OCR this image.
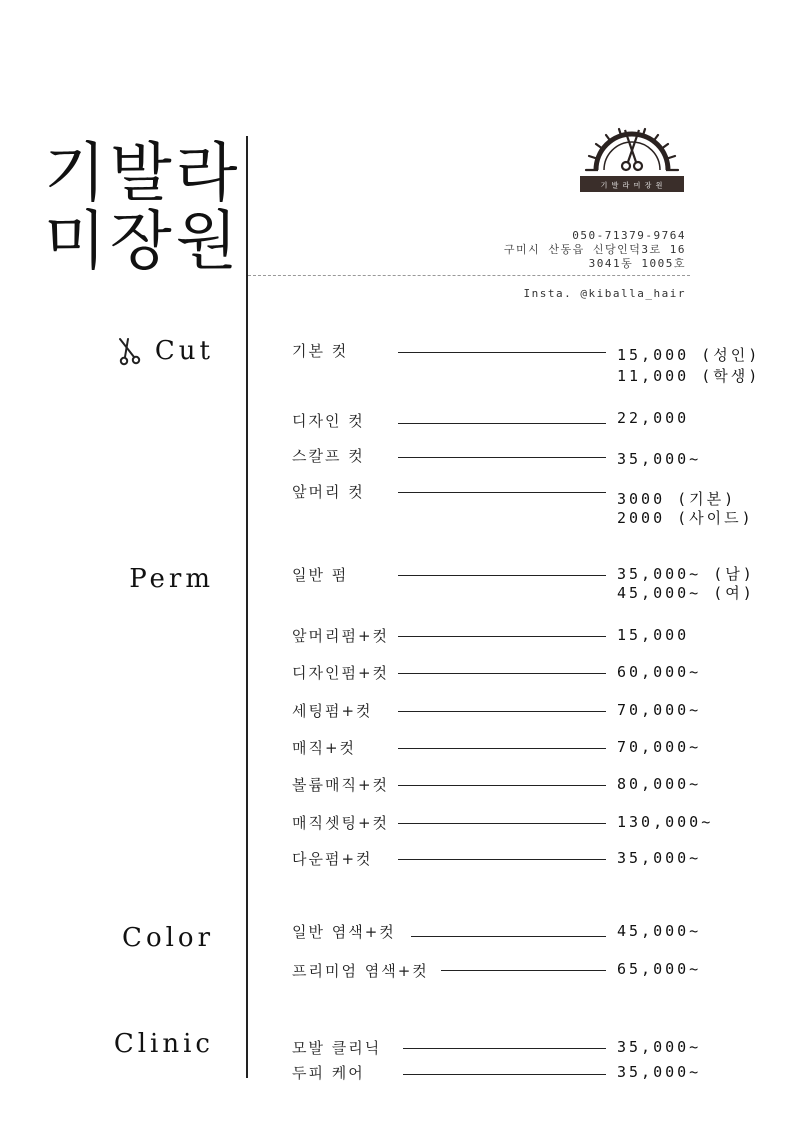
기발라
미장원
기 발 라 미 장 원
050-71379-9764
구미시 산동읍 신당인덕3로 16
3041동 1005호
Insta. @kiballa_hair
Cut
Perm
Color
Clinic
기본 컷	15,000 (성인)
11,000 (학생)
디자인 컷	22,000
스칼프 컷	35,000~
앞머리 컷	3000 (기본)
2000 (사이드)
일반 펌	35,000~ (남)
45,000~ (여)
앞머리펌+컷	15,000
디자인펌+컷	60,000~
세팅펌+컷	70,000~
매직+컷	70,000~
볼륨매직+컷	80,000~
매직셋팅+컷	130,000~
다운펌+컷	35,000~
일반 염색+컷	45,000~
프리미엄 염색+컷	65,000~
모발 클리닉	35,000~
두피 케어	35,000~
